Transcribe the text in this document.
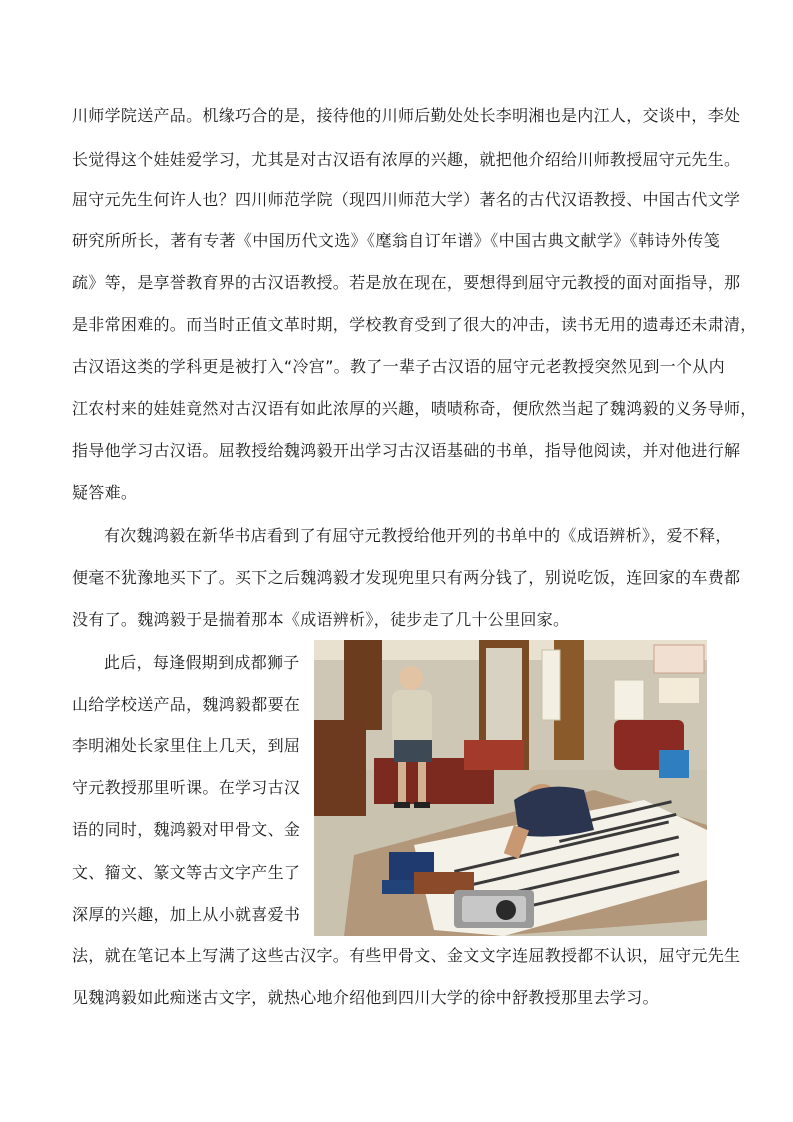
川师学院送产品。机缘巧合的是，接待他的川师后勤处处长李明湘也是内江人，交谈中，李处
长觉得这个娃娃爱学习，尤其是对古汉语有浓厚的兴趣，就把他介绍给川师教授屈守元先生。
屈守元先生何许人也？四川师范学院（现四川师范大学）著名的古代汉语教授、中国古代文学
研究所所长，著有专著《中国历代文选》《麾翁自订年谱》《中国古典文献学》《韩诗外传笺
疏》等，是享誉教育界的古汉语教授。若是放在现在，要想得到屈守元教授的面对面指导，那
是非常困难的。而当时正值文革时期，学校教育受到了很大的冲击，读书无用的遗毒还未肃清，
古汉语这类的学科更是被打入“冷宫”。教了一辈子古汉语的屈守元老教授突然见到一个从内
江农村来的娃娃竟然对古汉语有如此浓厚的兴趣，啧啧称奇，便欣然当起了魏鸿毅的义务导师，
指导他学习古汉语。屈教授给魏鸿毅开出学习古汉语基础的书单，指导他阅读，并对他进行解
疑答难。
有次魏鸿毅在新华书店看到了有屈守元教授给他开列的书单中的《成语辨析》，爱不释，
便毫不犹豫地买下了。买下之后魏鸿毅才发现兜里只有两分钱了，别说吃饭，连回家的车费都
没有了。魏鸿毅于是揣着那本《成语辨析》，徒步走了几十公里回家。
此后，每逢假期到成都狮子
山给学校送产品，魏鸿毅都要在
李明湘处长家里住上几天，到屈
守元教授那里听课。在学习古汉
语的同时，魏鸿毅对甲骨文、金
文、籀文、篆文等古文字产生了
深厚的兴趣，加上从小就喜爱书
法，就在笔记本上写满了这些古汉字。有些甲骨文、金文文字连屈教授都不认识，屈守元先生
见魏鸿毅如此痴迷古文字，就热心地介绍他到四川大学的徐中舒教授那里去学习。
